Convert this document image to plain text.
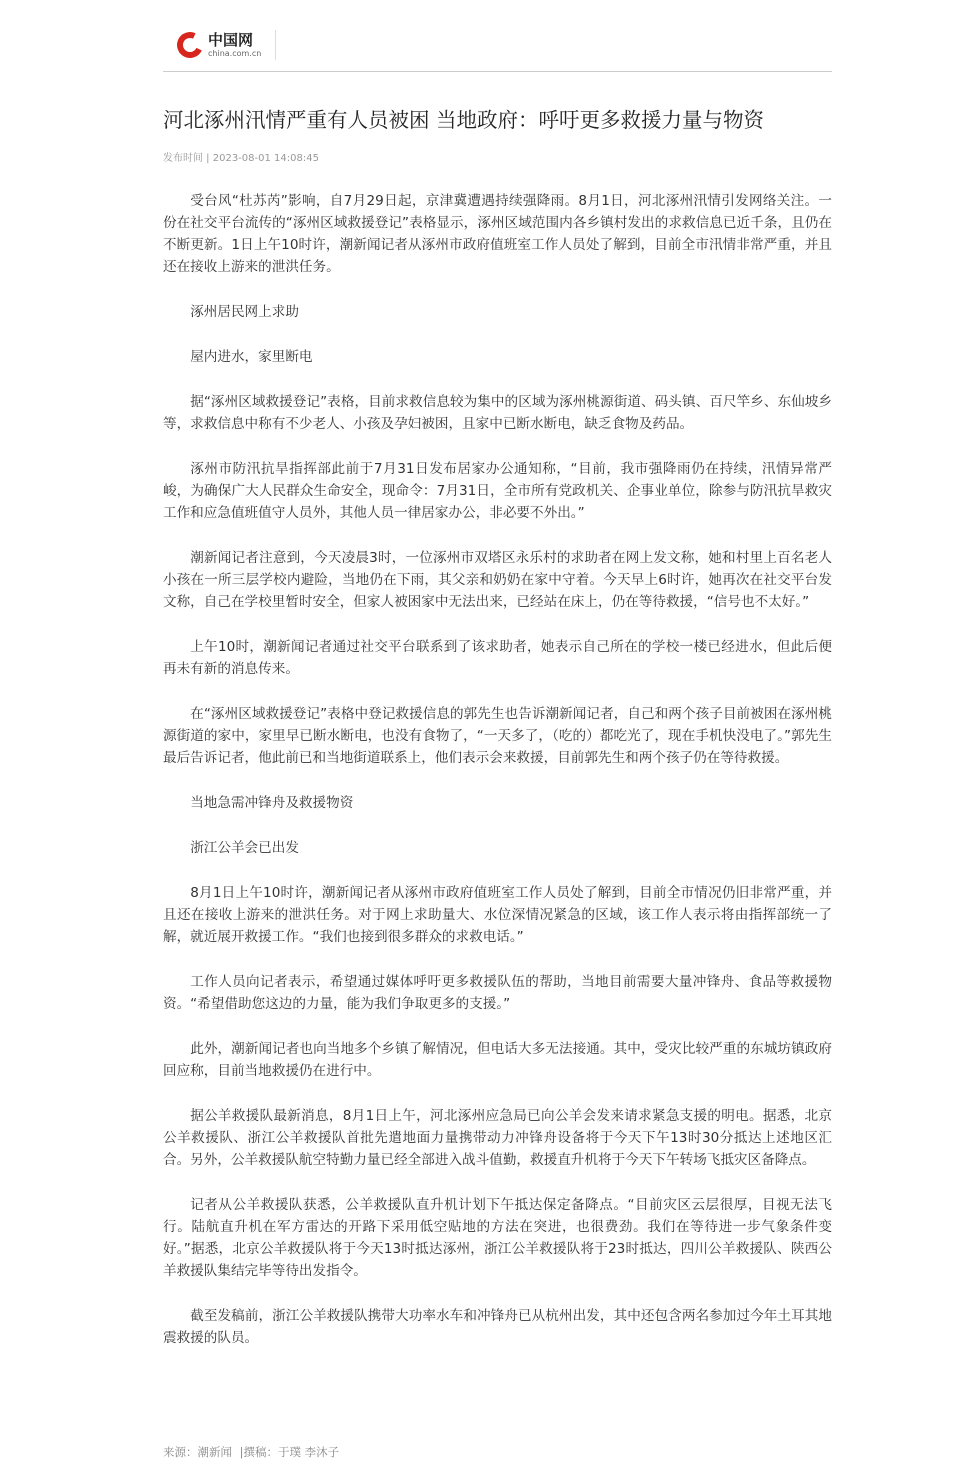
中国网
china.com.cn
河北涿州汛情严重有人员被困 当地政府：呼吁更多救援力量与物资
发布时间 | 2023-08-01 14:08:45

受台风“杜苏芮”影响，自7月29日起，京津冀遭遇持续强降雨。8月1日，河北涿州汛情引发网络关注。一份在社交平台流传的“涿州区域救援登记”表格显示，涿州区域范围内各乡镇村发出的求救信息已近千条，且仍在不断更新。1日上午10时许，潮新闻记者从涿州市政府值班室工作人员处了解到，目前全市汛情非常严重，并且还在接收上游来的泄洪任务。

涿州居民网上求助

屋内进水，家里断电

据“涿州区域救援登记”表格，目前求救信息较为集中的区域为涿州桃源街道、码头镇、百尺竿乡、东仙坡乡等，求救信息中称有不少老人、小孩及孕妇被困，且家中已断水断电，缺乏食物及药品。

涿州市防汛抗旱指挥部此前于7月31日发布居家办公通知称，“目前，我市强降雨仍在持续，汛情异常严峻，为确保广大人民群众生命安全，现命令：7月31日，全市所有党政机关、企事业单位，除参与防汛抗旱救灾工作和应急值班值守人员外，其他人员一律居家办公，非必要不外出。”

潮新闻记者注意到，今天凌晨3时，一位涿州市双塔区永乐村的求助者在网上发文称，她和村里上百名老人小孩在一所三层学校内避险，当地仍在下雨，其父亲和奶奶在家中守着。今天早上6时许，她再次在社交平台发文称，自己在学校里暂时安全，但家人被困家中无法出来，已经站在床上，仍在等待救援，“信号也不太好。”

上午10时，潮新闻记者通过社交平台联系到了该求助者，她表示自己所在的学校一楼已经进水，但此后便再未有新的消息传来。

在“涿州区域救援登记”表格中登记救援信息的郭先生也告诉潮新闻记者，自己和两个孩子目前被困在涿州桃源街道的家中，家里早已断水断电，也没有食物了，“一天多了，（吃的）都吃光了，现在手机快没电了。”郭先生最后告诉记者，他此前已和当地街道联系上，他们表示会来救援，目前郭先生和两个孩子仍在等待救援。

当地急需冲锋舟及救援物资

浙江公羊会已出发

8月1日上午10时许，潮新闻记者从涿州市政府值班室工作人员处了解到，目前全市情况仍旧非常严重，并且还在接收上游来的泄洪任务。对于网上求助量大、水位深情况紧急的区域，该工作人表示将由指挥部统一了解，就近展开救援工作。“我们也接到很多群众的求救电话。”

工作人员向记者表示，希望通过媒体呼吁更多救援队伍的帮助，当地目前需要大量冲锋舟、食品等救援物资。“希望借助您这边的力量，能为我们争取更多的支援。”

此外，潮新闻记者也向当地多个乡镇了解情况，但电话大多无法接通。其中，受灾比较严重的东城坊镇政府回应称，目前当地救援仍在进行中。

据公羊救援队最新消息，8月1日上午，河北涿州应急局已向公羊会发来请求紧急支援的明电。据悉，北京公羊救援队、浙江公羊救援队首批先遣地面力量携带动力冲锋舟设备将于今天下午13时30分抵达上述地区汇合。另外，公羊救援队航空特勤力量已经全部进入战斗值勤，救援直升机将于今天下午转场飞抵灾区备降点。

记者从公羊救援队获悉，公羊救援队直升机计划下午抵达保定备降点。“目前灾区云层很厚，目视无法飞行。陆航直升机在军方雷达的开路下采用低空贴地的方法在突进，也很费劲。我们在等待进一步气象条件变好。”据悉，北京公羊救援队将于今天13时抵达涿州，浙江公羊救援队将于23时抵达，四川公羊救援队、陕西公羊救援队集结完毕等待出发指令。

截至发稿前，浙江公羊救援队携带大功率水车和冲锋舟已从杭州出发，其中还包含两名参加过今年土耳其地震救援的队员。

来源：潮新闻 |撰稿：于璞 李沐子
